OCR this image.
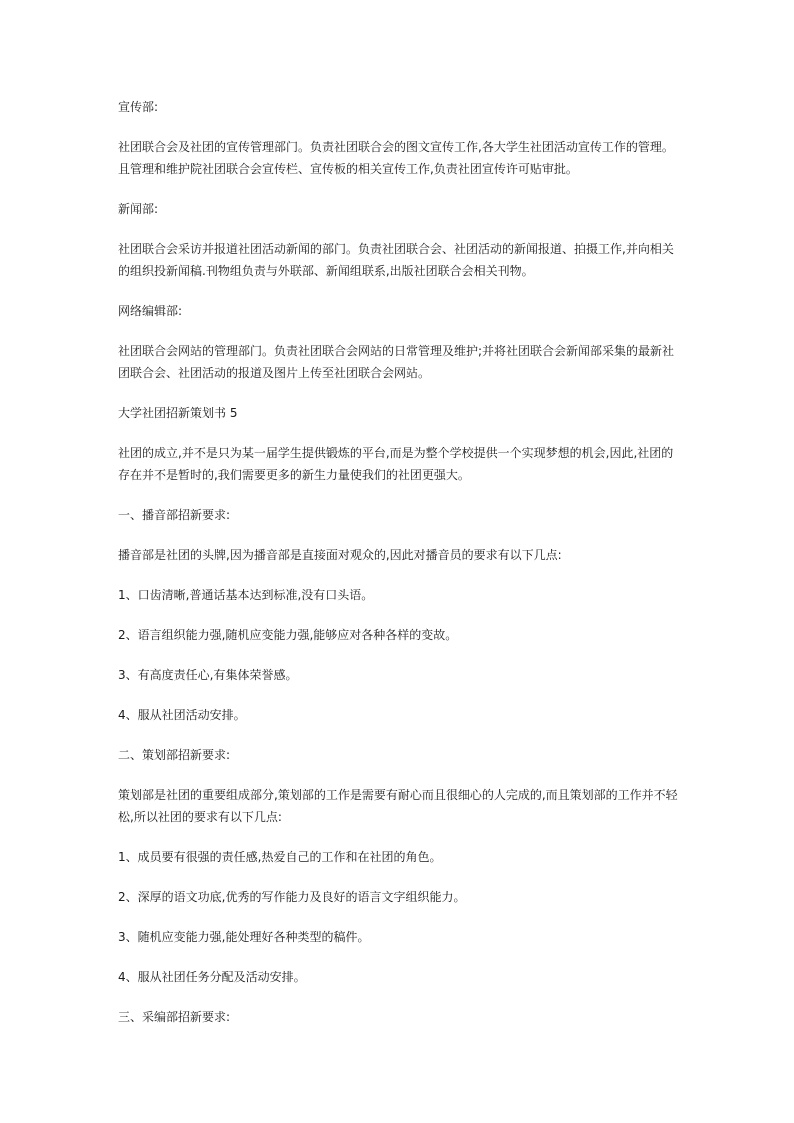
宣传部:

社团联合会及社团的宣传管理部门。负责社团联合会的图文宣传工作,各大学生社团活动宣传工作的管理。且管理和维护院社团联合会宣传栏、宣传板的相关宣传工作,负责社团宣传许可贴审批。

新闻部:

社团联合会采访并报道社团活动新闻的部门。负责社团联合会、社团活动的新闻报道、拍摄工作,并向相关的组织投新闻稿.刊物组负责与外联部、新闻组联系,出版社团联合会相关刊物。

网络编辑部:

社团联合会网站的管理部门。负责社团联合会网站的日常管理及维护;并将社团联合会新闻部采集的最新社团联合会、社团活动的报道及图片上传至社团联合会网站。

大学社团招新策划书 5

社团的成立,并不是只为某一届学生提供锻炼的平台,而是为整个学校提供一个实现梦想的机会,因此,社团的存在并不是暂时的,我们需要更多的新生力量使我们的社团更强大。

一、播音部招新要求:

播音部是社团的头牌,因为播音部是直接面对观众的,因此对播音员的要求有以下几点:

1、口齿清晰,普通话基本达到标准,没有口头语。

2、语言组织能力强,随机应变能力强,能够应对各种各样的变故。

3、有高度责任心,有集体荣誉感。

4、服从社团活动安排。

二、策划部招新要求:

策划部是社团的重要组成部分,策划部的工作是需要有耐心而且很细心的人完成的,而且策划部的工作并不轻松,所以社团的要求有以下几点:

1、成员要有很强的责任感,热爱自己的工作和在社团的角色。

2、深厚的语文功底,优秀的写作能力及良好的语言文字组织能力。

3、随机应变能力强,能处理好各种类型的稿件。

4、服从社团任务分配及活动安排。

三、采编部招新要求:
